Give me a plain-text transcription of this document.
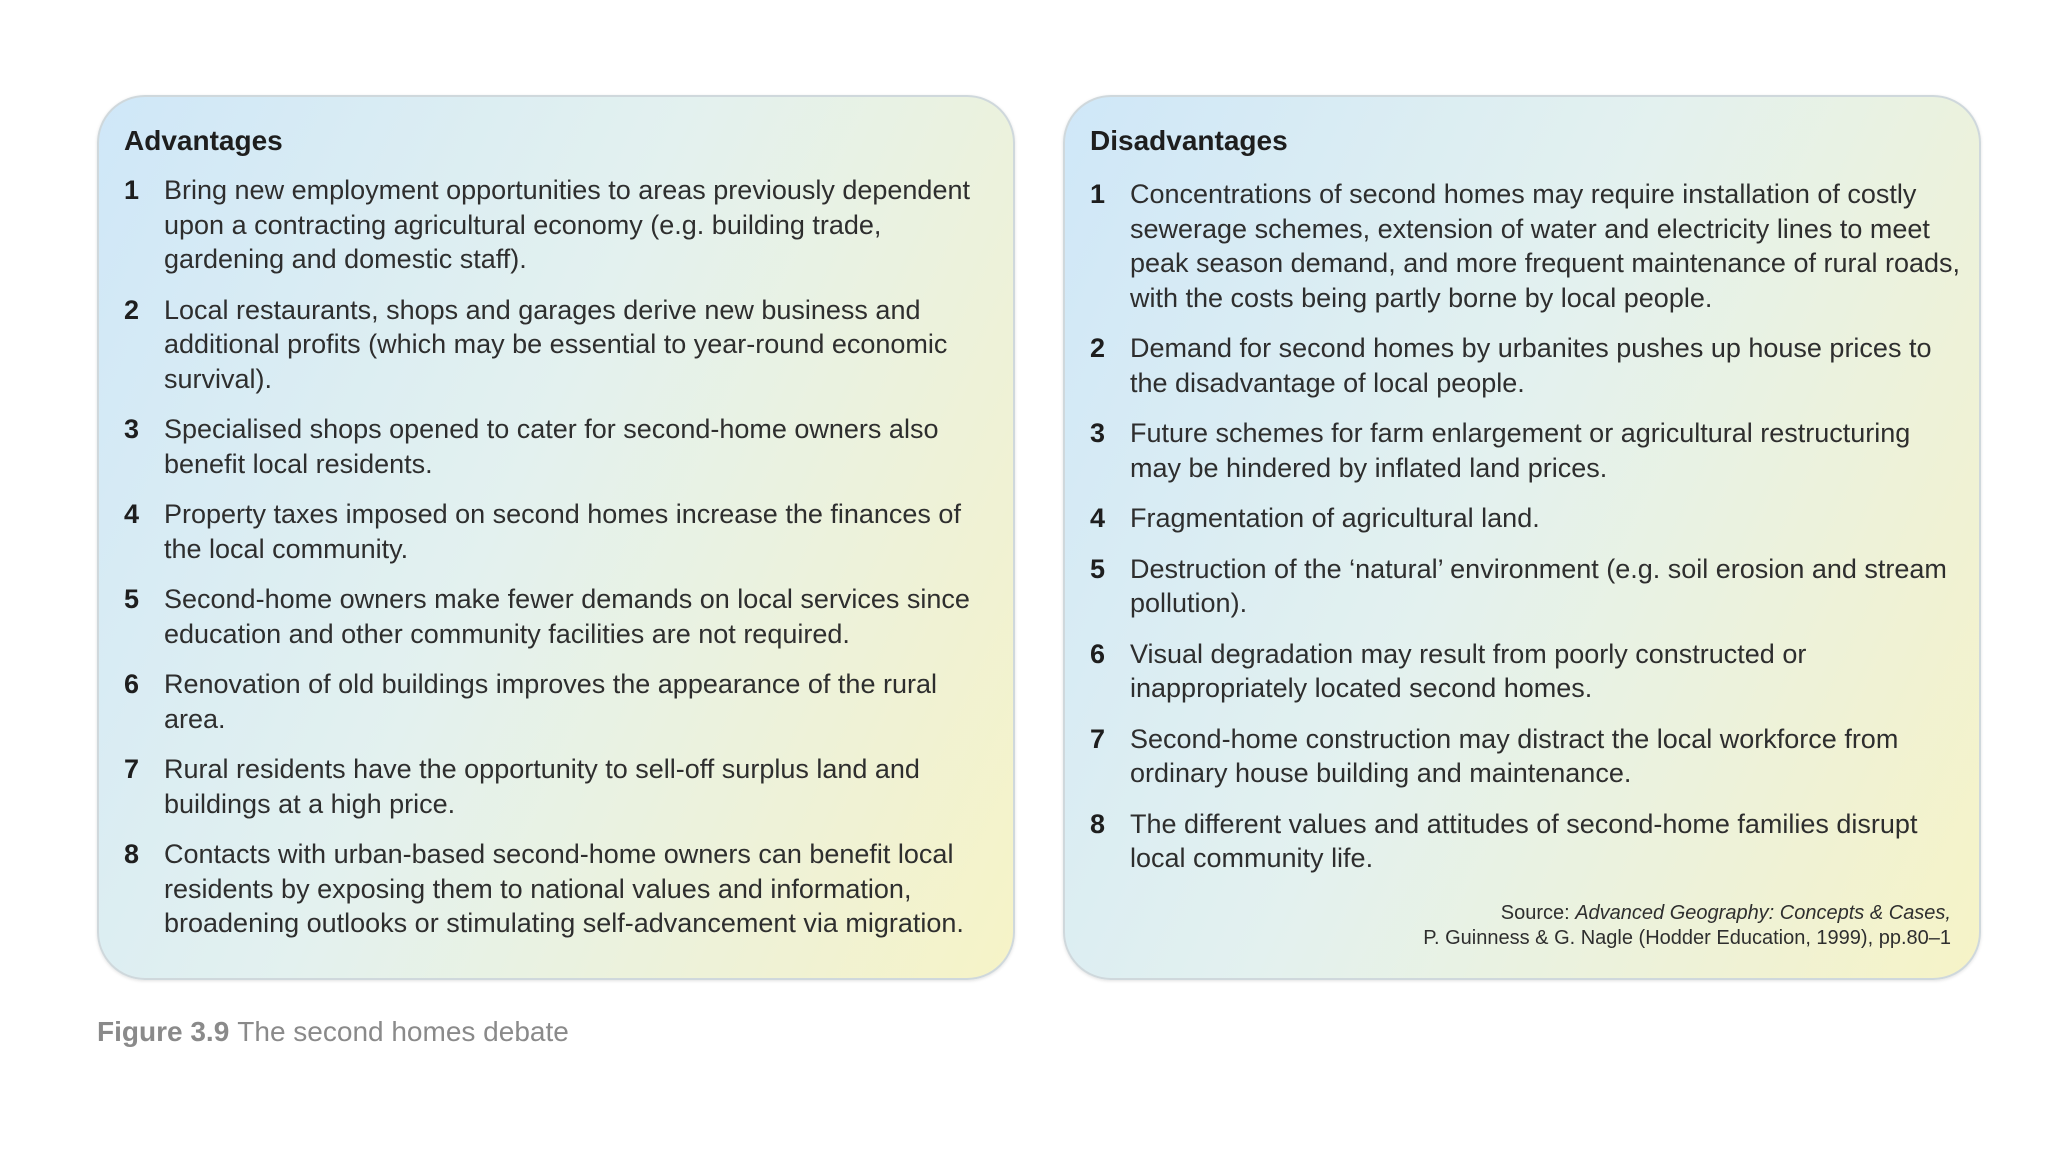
Advantages
1 Bring new employment opportunities to areas previously dependent upon a contracting agricultural economy (e.g. building trade, gardening and domestic staff).
2 Local restaurants, shops and garages derive new business and additional profits (which may be essential to year-round economic survival).
3 Specialised shops opened to cater for second-home owners also benefit local residents.
4 Property taxes imposed on second homes increase the finances of the local community.
5 Second-home owners make fewer demands on local services since education and other community facilities are not required.
6 Renovation of old buildings improves the appearance of the rural area.
7 Rural residents have the opportunity to sell-off surplus land and buildings at a high price.
8 Contacts with urban-based second-home owners can benefit local residents by exposing them to national values and information, broadening outlooks or stimulating self-advancement via migration.
Disadvantages
1 Concentrations of second homes may require installation of costly sewerage schemes, extension of water and electricity lines to meet peak season demand, and more frequent maintenance of rural roads, with the costs being partly borne by local people.
2 Demand for second homes by urbanites pushes up house prices to the disadvantage of local people.
3 Future schemes for farm enlargement or agricultural restructuring may be hindered by inflated land prices.
4 Fragmentation of agricultural land.
5 Destruction of the ‘natural’ environment (e.g. soil erosion and stream pollution).
6 Visual degradation may result from poorly constructed or inappropriately located second homes.
7 Second-home construction may distract the local workforce from ordinary house building and maintenance.
8 The different values and attitudes of second-home families disrupt local community life.
Source: Advanced Geography: Concepts & Cases,
P. Guinness & G. Nagle (Hodder Education, 1999), pp.80–1
Figure 3.9 The second homes debate
